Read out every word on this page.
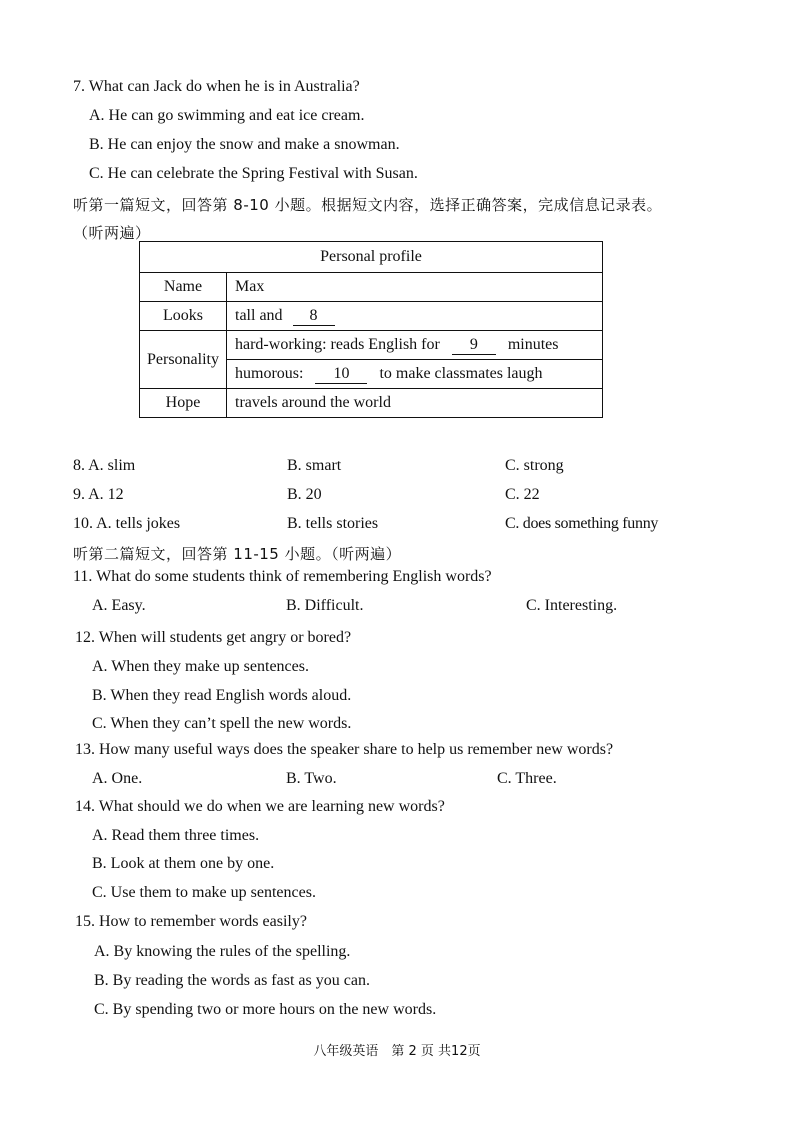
7. What can Jack do when he is in Australia?
A. He can go swimming and eat ice cream.
B. He can enjoy the snow and make a snowman.
C. He can celebrate the Spring Festival with Susan.
听第一篇短文，回答第 8-10 小题。根据短文内容，选择正确答案，完成信息记录表。
（听两遍）
Personal profile	
Name	Max
Looks	tall and 8
Personality	hard-working: reads English for 9 minutes
	humorous: 10 to make classmates laugh
Hope	travels around the world
8. A. slim	B. smart	C. strong
9. A. 12	B. 20	C. 22
10. A. tells jokes	B. tells stories	C. does something funny
听第二篇短文，回答第 11-15 小题。（听两遍）
11. What do some students think of remembering English words?
A. Easy.	B. Difficult.	C. Interesting.
12. When will students get angry or bored?
A. When they make up sentences.
B. When they read English words aloud.
C. When they can’t spell the new words.
13. How many useful ways does the speaker share to help us remember new words?
A. One.	B. Two.	C. Three.
14. What should we do when we are learning new words?
A. Read them three times.
B. Look at them one by one.
C. Use them to make up sentences.
15. How to remember words easily?
A. By knowing the rules of the spelling.
B. By reading the words as fast as you can.
C. By spending two or more hours on the new words.
八年级英语　第 2 页 共12页
